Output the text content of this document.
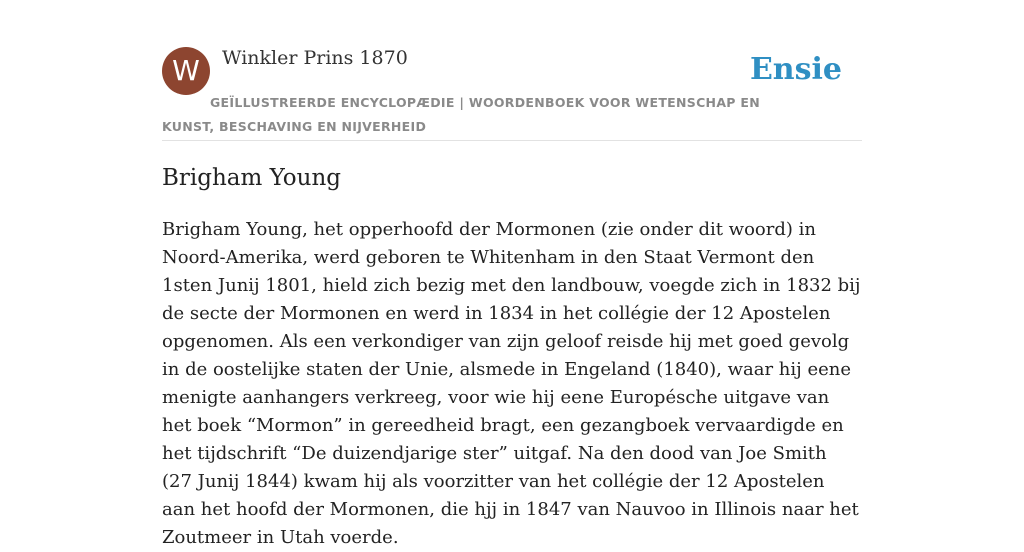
W	Winkler Prins 1870	Ensie
GEÏLLUSTREERDE ENCYCLOPÆDIE | WOORDENBOEK VOOR WETENSCHAP EN KUNST, BESCHAVING EN NIJVERHEID
Brigham Young

Brigham Young, het opperhoofd der Mormonen (zie onder dit woord) in Noord-Amerika, werd geboren te Whitenham in den Staat Vermont den 1sten Junij 1801, hield zich bezig met den landbouw, voegde zich in 1832 bij de secte der Mormonen en werd in 1834 in het collégie der 12 Apostelen opgenomen. Als een verkondiger van zijn geloof reisde hij met goed gevolg in de oostelijke staten der Unie, alsmede in Engeland (1840), waar hij eene menigte aanhangers verkreeg, voor wie hij eene Europésche uitgave van het boek “Mormon” in gereedheid bragt, een gezangboek vervaardigde en het tijdschrift “De duizendjarige ster” uitgaf. Na den dood van Joe Smith (27 Junij 1844) kwam hij als voorzitter van het collégie der 12 Apostelen aan het hoofd der Mormonen, die hjj in 1847 van Nauvoo in Illinois naar het Zoutmeer in Utah voerde.
